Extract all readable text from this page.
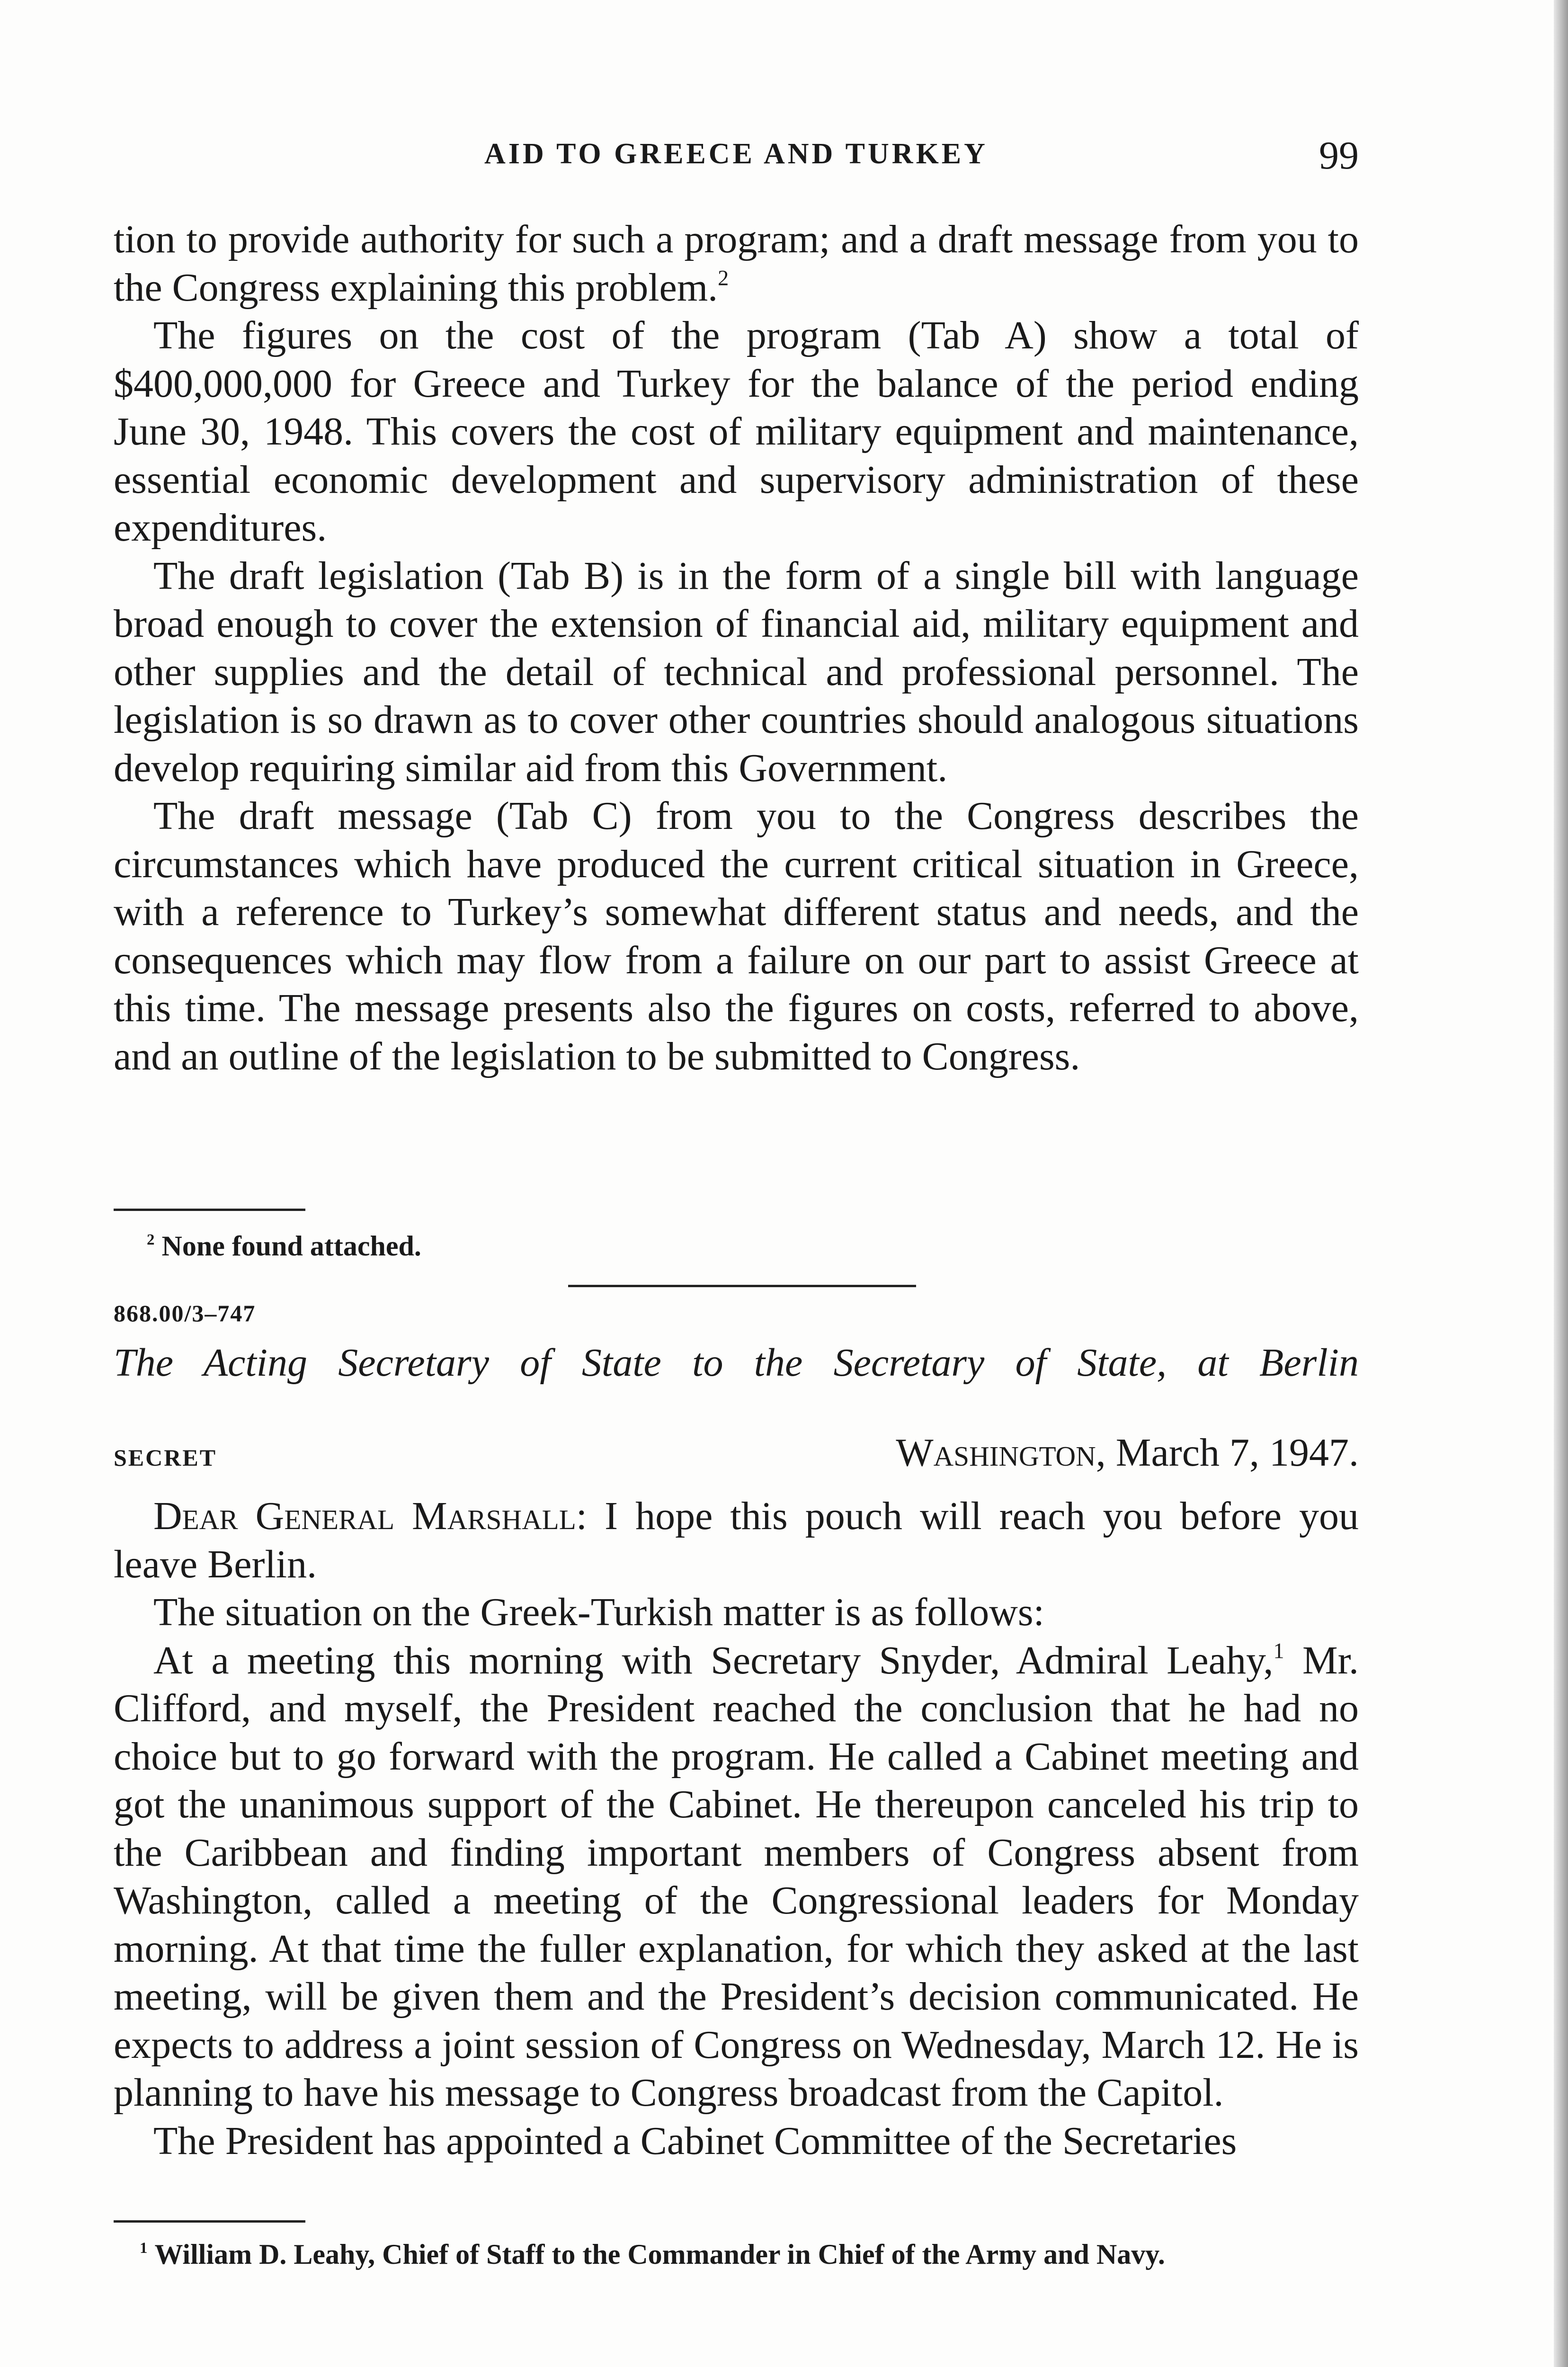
AID TO GREECE AND TURKEY	99

tion to provide authority for such a program; and a draft message from you to the Congress explaining this problem.$^2$

The figures on the cost of the program (Tab A) show a total of $400,000,000 for Greece and Turkey for the balance of the period ending June 30, 1948. This covers the cost of military equipment and maintenance, essential economic development and supervisory administration of these expenditures.

The draft legislation (Tab B) is in the form of a single bill with language broad enough to cover the extension of financial aid, military equipment and other supplies and the detail of technical and professional personnel. The legislation is so drawn as to cover other countries should analogous situations develop requiring similar aid from this Government.

The draft message (Tab C) from you to the Congress describes the circumstances which have produced the current critical situation in Greece, with a reference to Turkey’s somewhat different status and needs, and the consequences which may flow from a failure on our part to assist Greece at this time. The message presents also the figures on costs, referred to above, and an outline of the legislation to be submitted to Congress.

$^2$ None found attached.
868.00/3–747
The Acting Secretary of State to the Secretary of State, at Berlin
SECRET	Washington, March 7, 1947.

Dear General Marshall: I hope this pouch will reach you before you leave Berlin.

The situation on the Greek-Turkish matter is as follows:

At a meeting this morning with Secretary Snyder, Admiral Leahy,$^1$ Mr. Clifford, and myself, the President reached the conclusion that he had no choice but to go forward with the program. He called a Cabinet meeting and got the unanimous support of the Cabinet. He thereupon canceled his trip to the Caribbean and finding important members of Congress absent from Washington, called a meeting of the Congressional leaders for Monday morning. At that time the fuller explanation, for which they asked at the last meeting, will be given them and the President’s decision communicated. He expects to address a joint session of Congress on Wednesday, March 12. He is planning to have his message to Congress broadcast from the Capitol.

The President has appointed a Cabinet Committee of the Secretaries

$^1$ William D. Leahy, Chief of Staff to the Commander in Chief of the Army and Navy.
